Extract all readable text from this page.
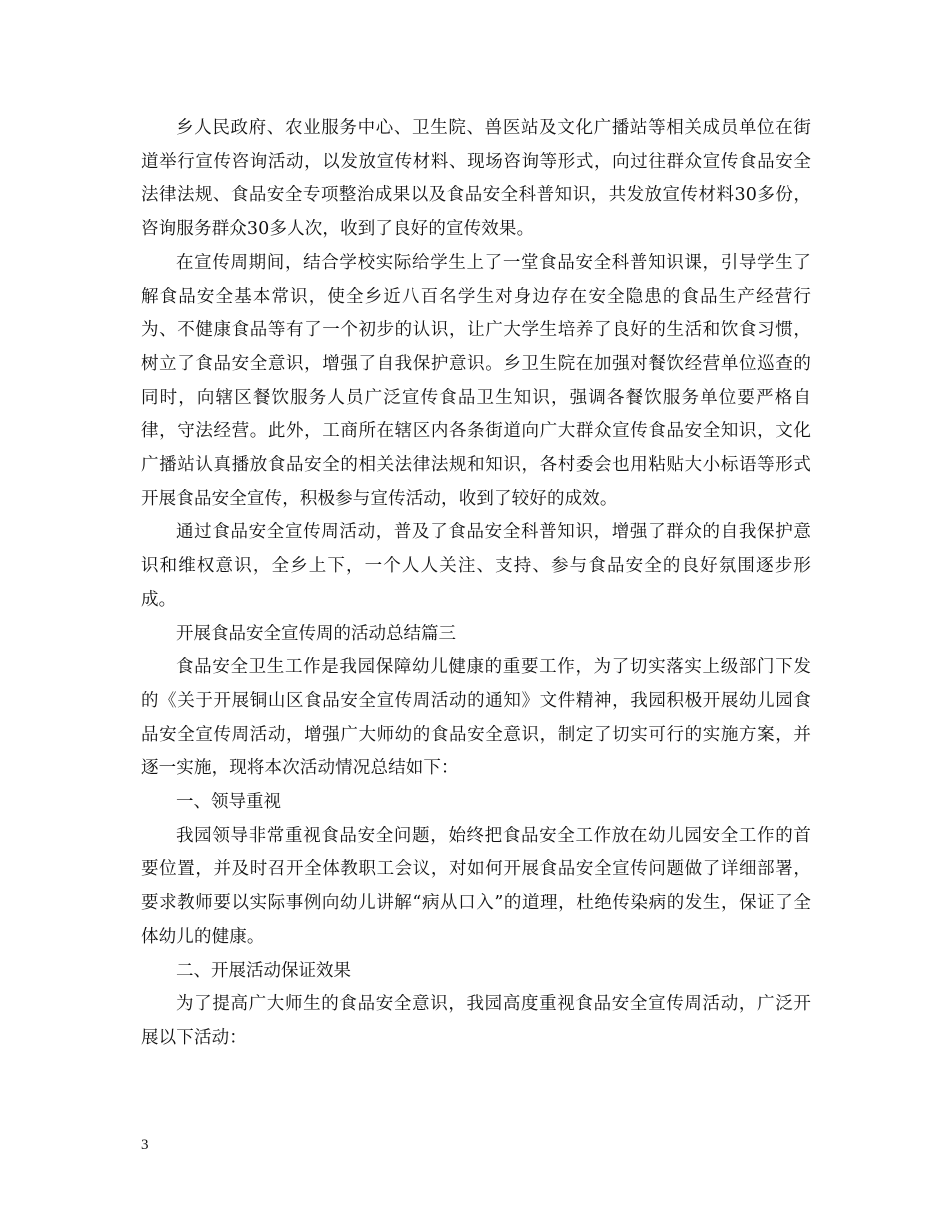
乡人民政府、农业服务中心、卫生院、兽医站及文化广播站等相关成员单位在街道举行宣传咨询活动，以发放宣传材料、现场咨询等形式，向过往群众宣传食品安全法律法规、食品安全专项整治成果以及食品安全科普知识，共发放宣传材料30多份，咨询服务群众30多人次，收到了良好的宣传效果。

在宣传周期间，结合学校实际给学生上了一堂食品安全科普知识课，引导学生了解食品安全基本常识，使全乡近八百名学生对身边存在安全隐患的食品生产经营行为、不健康食品等有了一个初步的认识，让广大学生培养了良好的生活和饮食习惯，树立了食品安全意识，增强了自我保护意识。乡卫生院在加强对餐饮经营单位巡查的同时，向辖区餐饮服务人员广泛宣传食品卫生知识，强调各餐饮服务单位要严格自律，守法经营。此外，工商所在辖区内各条街道向广大群众宣传食品安全知识，文化广播站认真播放食品安全的相关法律法规和知识，各村委会也用粘贴大小标语等形式开展食品安全宣传，积极参与宣传活动，收到了较好的成效。

通过食品安全宣传周活动，普及了食品安全科普知识，增强了群众的自我保护意识和维权意识，全乡上下，一个人人关注、支持、参与食品安全的良好氛围逐步形成。

开展食品安全宣传周的活动总结篇三

食品安全卫生工作是我园保障幼儿健康的重要工作，为了切实落实上级部门下发的《关于开展铜山区食品安全宣传周活动的通知》文件精神，我园积极开展幼儿园食品安全宣传周活动，增强广大师幼的食品安全意识，制定了切实可行的实施方案，并逐一实施，现将本次活动情况总结如下：

一、领导重视

我园领导非常重视食品安全问题，始终把食品安全工作放在幼儿园安全工作的首要位置，并及时召开全体教职工会议，对如何开展食品安全宣传问题做了详细部署，要求教师要以实际事例向幼儿讲解“病从口入”的道理，杜绝传染病的发生，保证了全体幼儿的健康。

二、开展活动保证效果

为了提高广大师生的食品安全意识，我园高度重视食品安全宣传周活动，广泛开展以下活动：

3
